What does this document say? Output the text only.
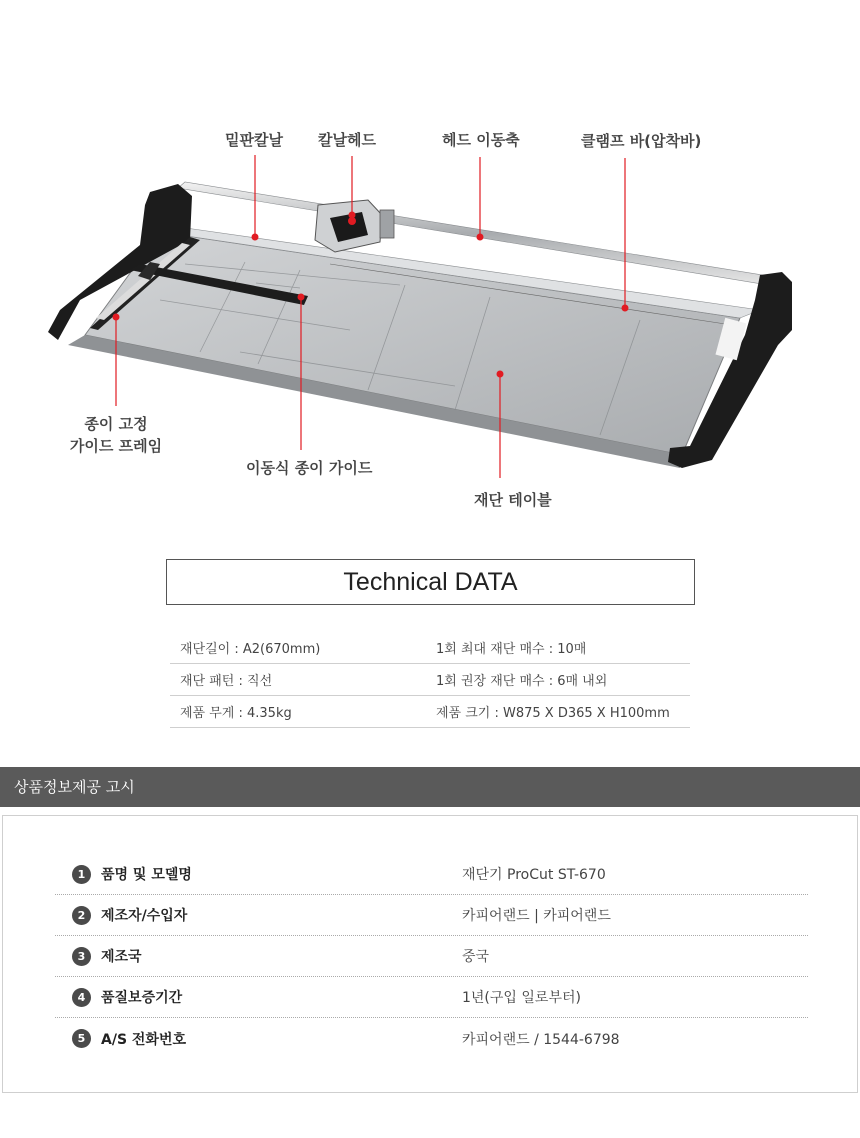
밑판칼날 칼날헤드	헤드 이동축	클램프 바(압착바)
종이 고정
가이드 프레임
이동식 종이 가이드
재단 테이블
Technical DATA
재단길이 : A2(670mm)	1회 최대 재단 매수 : 10매
재단 패턴 : 직선	1회 권장 재단 매수 : 6매 내외
제품 무게 : 4.35kg	제품 크기 : W875 X D365 X H100mm
상품정보제공 고시
1	품명 및 모델명	재단기 ProCut ST-670
2	제조자/수입자	카피어랜드 | 카피어랜드
3	제조국	중국
4	품질보증기간	1년(구입 일로부터)
5	A/S 전화번호	카피어랜드 / 1544-6798
